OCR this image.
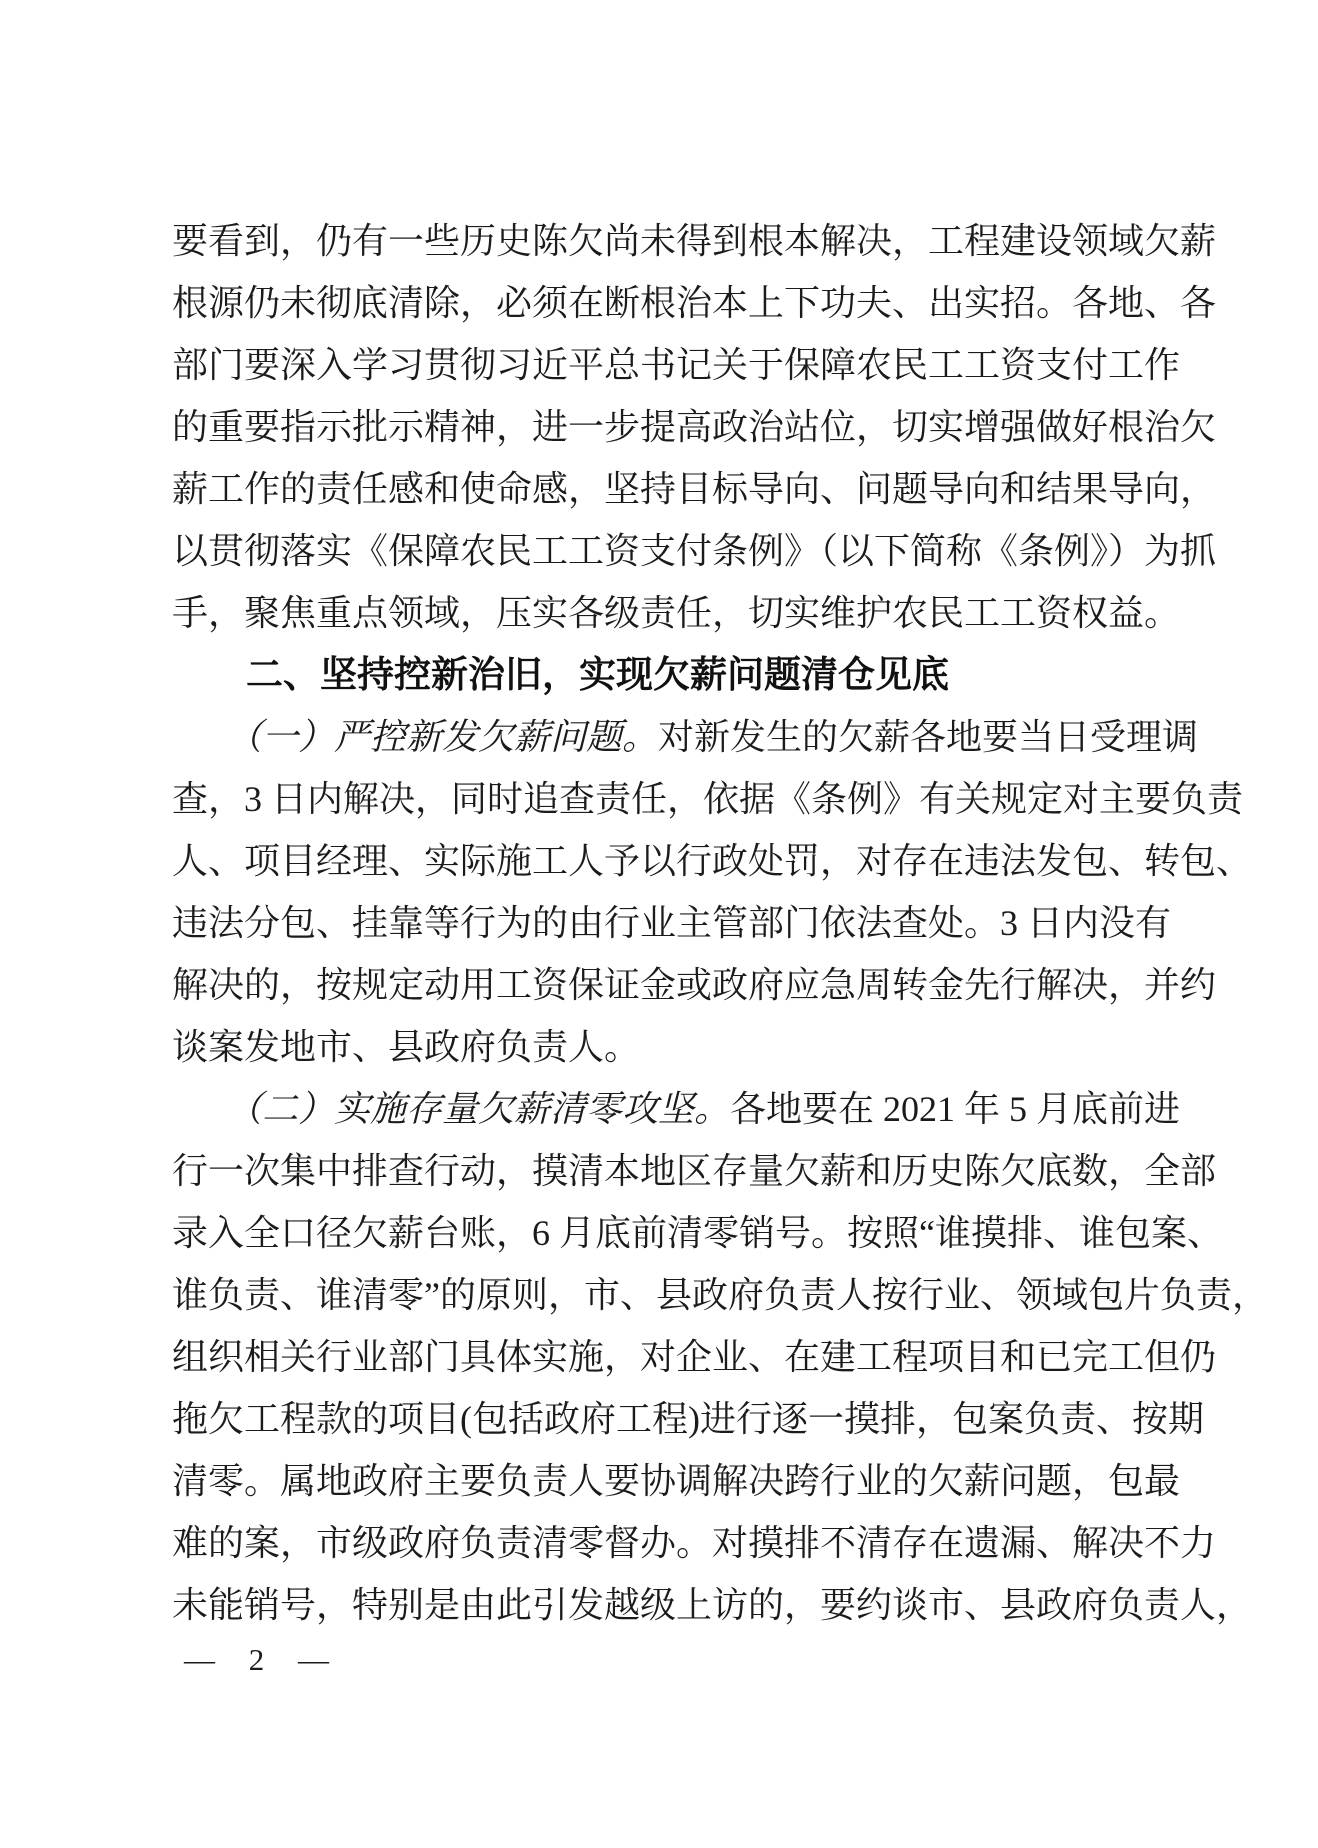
要看到，仍有一些历史陈欠尚未得到根本解决，工程建设领域欠薪
根源仍未彻底清除，必须在断根治本上下功夫、出实招。各地、各
部门要深入学习贯彻习近平总书记关于保障农民工工资支付工作
的重要指示批示精神，进一步提高政治站位，切实增强做好根治欠
薪工作的责任感和使命感，坚持目标导向、问题导向和结果导向，
以贯彻落实《保障农民工工资支付条例》（以下简称《条例》）为抓
手，聚焦重点领域，压实各级责任，切实维护农民工工资权益。
二、坚持控新治旧，实现欠薪问题清仓见底
（一）严控新发欠薪问题。对新发生的欠薪各地要当日受理调
查，3 日内解决，同时追查责任，依据《条例》有关规定对主要负责
人、项目经理、实际施工人予以行政处罚，对存在违法发包、转包、
违法分包、挂靠等行为的由行业主管部门依法查处。3 日内没有
解决的，按规定动用工资保证金或政府应急周转金先行解决，并约
谈案发地市、县政府负责人。
（二）实施存量欠薪清零攻坚。各地要在 2021 年 5 月底前进
行一次集中排查行动，摸清本地区存量欠薪和历史陈欠底数，全部
录入全口径欠薪台账，6 月底前清零销号。按照“谁摸排、谁包案、
谁负责、谁清零”的原则，市、县政府负责人按行业、领域包片负责，
组织相关行业部门具体实施，对企业、在建工程项目和已完工但仍
拖欠工程款的项目(包括政府工程)进行逐一摸排，包案负责、按期
清零。属地政府主要负责人要协调解决跨行业的欠薪问题，包最
难的案，市级政府负责清零督办。对摸排不清存在遗漏、解决不力
未能销号，特别是由此引发越级上访的，要约谈市、县政府负责人，
— 2 —
